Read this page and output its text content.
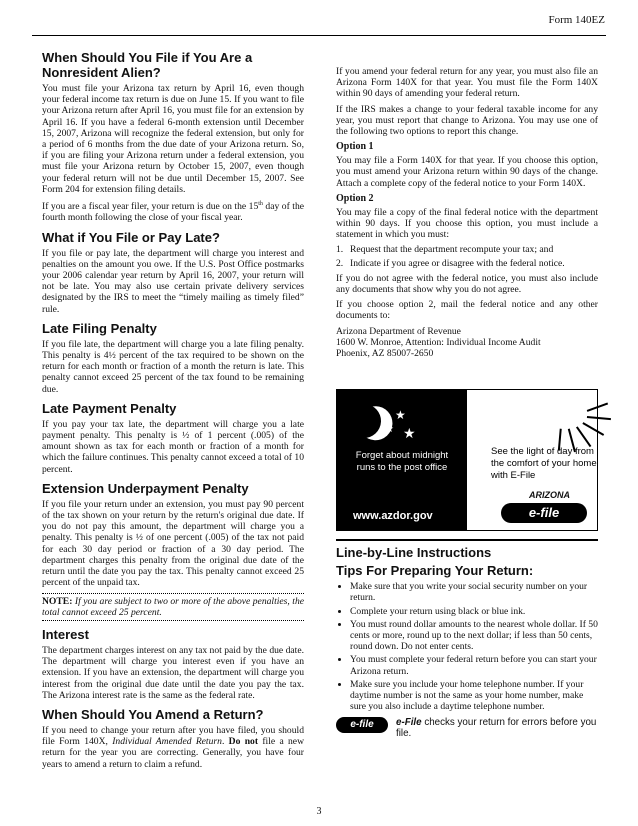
Form 140EZ
When Should You File if You Are a Nonresident Alien?

You must file your Arizona tax return by April 16, even though your federal income tax return is due on June 15. If you want to file your Arizona return after April 16, you must file for an extension by April 16. If you have a federal 6-month extension until December 15, 2007, Arizona will recognize the federal extension, but only for a period of 6 months from the due date of your Arizona return. So, if you are filing your Arizona return under a federal extension, you must file your Arizona return by October 15, 2007, even though your federal return will not be due until December 15, 2007. See Form 204 for extension filing details.

If you are a fiscal year filer, your return is due on the 15th day of the fourth month following the close of your fiscal year.

What if You File or Pay Late?

If you file or pay late, the department will charge you interest and penalties on the amount you owe. If the U.S. Post Office postmarks your 2006 calendar year return by April 16, 2007, your return will not be late. You may also use certain private delivery services designated by the IRS to meet the “timely mailing as timely filed” rule.

Late Filing Penalty

If you file late, the department will charge you a late filing penalty. This penalty is 4½ percent of the tax required to be shown on the return for each month or fraction of a month the return is late. This penalty cannot exceed 25 percent of the tax found to be remaining due.

Late Payment Penalty

If you pay your tax late, the department will charge you a late payment penalty. This penalty is ½ of 1 percent (.005) of the amount shown as tax for each month or fraction of a month for which the failure continues. This penalty cannot exceed a total of 10 percent.

Extension Underpayment Penalty

If you file your return under an extension, you must pay 90 percent of the tax shown on your return by the return's original due date. If you do not pay this amount, the department will charge you a penalty. This penalty is ½ of one percent (.005) of the tax not paid for each 30 day period or fraction of a 30 day period. The department charges this penalty from the original due date of the return until the date you pay the tax. This penalty cannot exceed 25 percent of the unpaid tax.

NOTE: If you are subject to two or more of the above penalties, the total cannot exceed 25 percent.

Interest

The department charges interest on any tax not paid by the due date. The department will charge you interest even if you have an extension. If you have an extension, the department will charge you interest from the original due date until the date you pay the tax. The Arizona interest rate is the same as the federal rate.

When Should You Amend a Return?

If you need to change your return after you have filed, you should file Form 140X, Individual Amended Return. Do not file a new return for the year you are correcting. Generally, you have four years to amend a return to claim a refund.

If you amend your federal return for any year, you must also file an Arizona Form 140X for that year. You must file the Form 140X within 90 days of amending your federal return.

If the IRS makes a change to your federal taxable income for any year, you must report that change to Arizona. You may use one of the following two options to report this change.

Option 1

You may file a Form 140X for that year. If you choose this option, you must amend your Arizona return within 90 days of the change. Attach a complete copy of the federal notice to your Form 140X.

Option 2

You may file a copy of the final federal notice with the department within 90 days. If you choose this option, you must include a statement in which you must:

1. Request that the department recompute your tax; and
2. Indicate if you agree or disagree with the federal notice.

If you do not agree with the federal notice, you must also include any documents that show why you do not agree.

If you choose option 2, mail the federal notice and any other documents to:

Arizona Department of Revenue
1600 W. Monroe, Attention: Individual Income Audit
Phoenix, AZ 85007-2650
★
★ ★
Forget about midnight runs to the post office
www.azdor.gov
See the light of day from the comfort of your home with E-File
ARIZONA
e-file
Line-by-Line Instructions
Tips For Preparing Your Return:
• Make sure that you write your social security number on your return.
• Complete your return using black or blue ink.
• You must round dollar amounts to the nearest whole dollar. If 50 cents or more, round up to the next dollar; if less than 50 cents, round down. Do not enter cents.
• You must complete your federal return before you can start your Arizona return.
• Make sure you include your home telephone number. If your daytime number is not the same as your home number, make sure you also include a daytime telephone number.
e-file	e-File checks your return for errors before you file.
3
